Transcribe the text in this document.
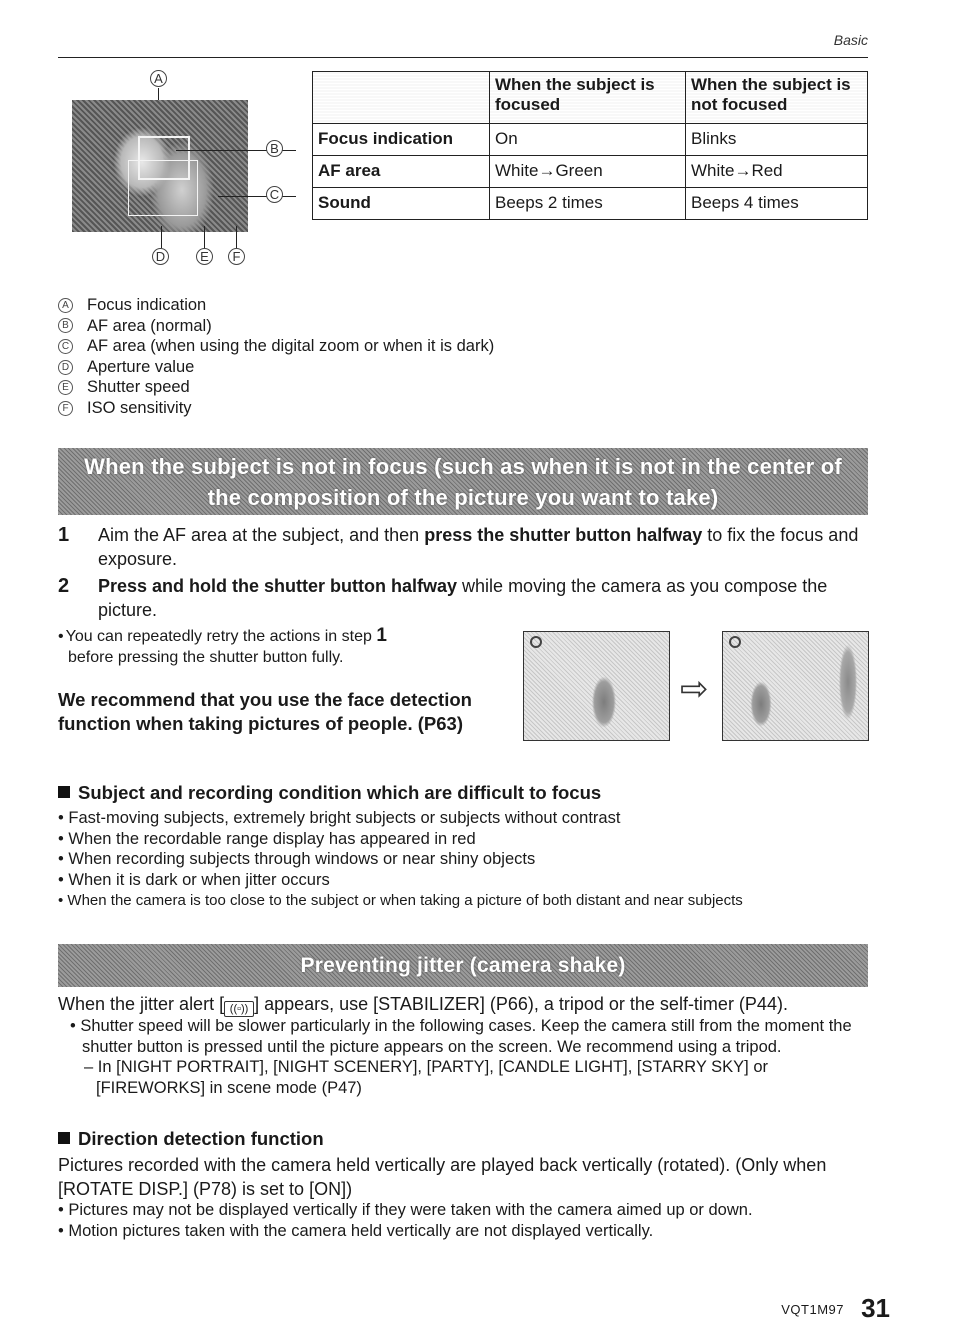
Basic
A
B
C
D	E	F
	When the subject is focused	When the subject is not focused
Focus indication	On	Blinks
AF area	White→Green	White→Red
Sound	Beeps 2 times	Beeps 4 times
A Focus indication
B AF area (normal)
C AF area (when using the digital zoom or when it is dark)
D Aperture value
E Shutter speed
F ISO sensitivity
When the subject is not in focus (such as when it is not in the center of
the composition of the picture you want to take)
1 Aim the AF area at the subject, and then press the shutter button halfway to fix the focus and exposure.
2 Press and hold the shutter button halfway while moving the camera as you compose the picture.
• You can repeatedly retry the actions in step 1
before pressing the shutter button fully.
We recommend that you use the face detection function when taking pictures of people. (P63)
⇨
Subject and recording condition which are difficult to focus
• Fast-moving subjects, extremely bright subjects or subjects without contrast
• When the recordable range display has appeared in red
• When recording subjects through windows or near shiny objects
• When it is dark or when jitter occurs
• When the camera is too close to the subject or when taking a picture of both distant and near subjects
Preventing jitter (camera shake)
When the jitter alert [ ((▫)) ] appears, use [STABILIZER] (P66), a tripod or the self-timer (P44).
• Shutter speed will be slower particularly in the following cases. Keep the camera still from the moment the shutter button is pressed until the picture appears on the screen. We recommend using a tripod.
– In [NIGHT PORTRAIT], [NIGHT SCENERY], [PARTY], [CANDLE LIGHT], [STARRY SKY] or [FIREWORKS] in scene mode (P47)
Direction detection function
Pictures recorded with the camera held vertically are played back vertically (rotated). (Only when [ROTATE DISP.] (P78) is set to [ON])
• Pictures may not be displayed vertically if they were taken with the camera aimed up or down.
• Motion pictures taken with the camera held vertically are not displayed vertically.
VQT1M97 31
